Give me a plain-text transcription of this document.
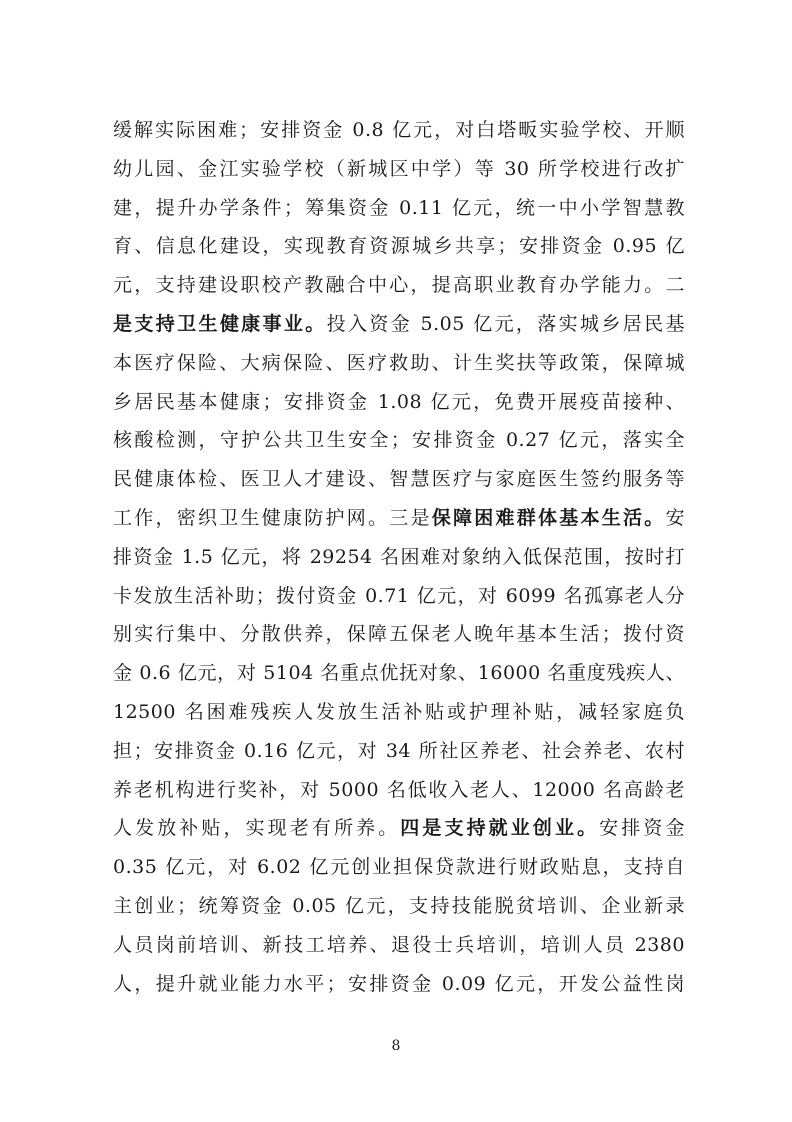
缓解实际困难；安排资金 0.8 亿元，对白塔畈实验学校、开顺
幼儿园、金江实验学校（新城区中学）等 30 所学校进行改扩
建，提升办学条件；筹集资金 0.11 亿元，统一中小学智慧教
育、信息化建设，实现教育资源城乡共享；安排资金 0.95 亿
元，支持建设职校产教融合中心，提高职业教育办学能力。二
是支持卫生健康事业。投入资金 5.05 亿元，落实城乡居民基
本医疗保险、大病保险、医疗救助、计生奖扶等政策，保障城
乡居民基本健康；安排资金 1.08 亿元，免费开展疫苗接种、
核酸检测，守护公共卫生安全；安排资金 0.27 亿元，落实全
民健康体检、医卫人才建设、智慧医疗与家庭医生签约服务等
工作，密织卫生健康防护网。三是保障困难群体基本生活。安
排资金 1.5 亿元，将 29254 名困难对象纳入低保范围，按时打
卡发放生活补助；拨付资金 0.71 亿元，对 6099 名孤寡老人分
别实行集中、分散供养，保障五保老人晚年基本生活；拨付资
金 0.6 亿元，对 5104 名重点优抚对象、16000 名重度残疾人、
12500 名困难残疾人发放生活补贴或护理补贴，减轻家庭负
担；安排资金 0.16 亿元，对 34 所社区养老、社会养老、农村
养老机构进行奖补，对 5000 名低收入老人、12000 名高龄老
人发放补贴，实现老有所养。四是支持就业创业。安排资金
0.35 亿元，对 6.02 亿元创业担保贷款进行财政贴息，支持自
主创业；统筹资金 0.05 亿元，支持技能脱贫培训、企业新录
人员岗前培训、新技工培养、退役士兵培训，培训人员 2380
人，提升就业能力水平；安排资金 0.09 亿元，开发公益性岗
8
